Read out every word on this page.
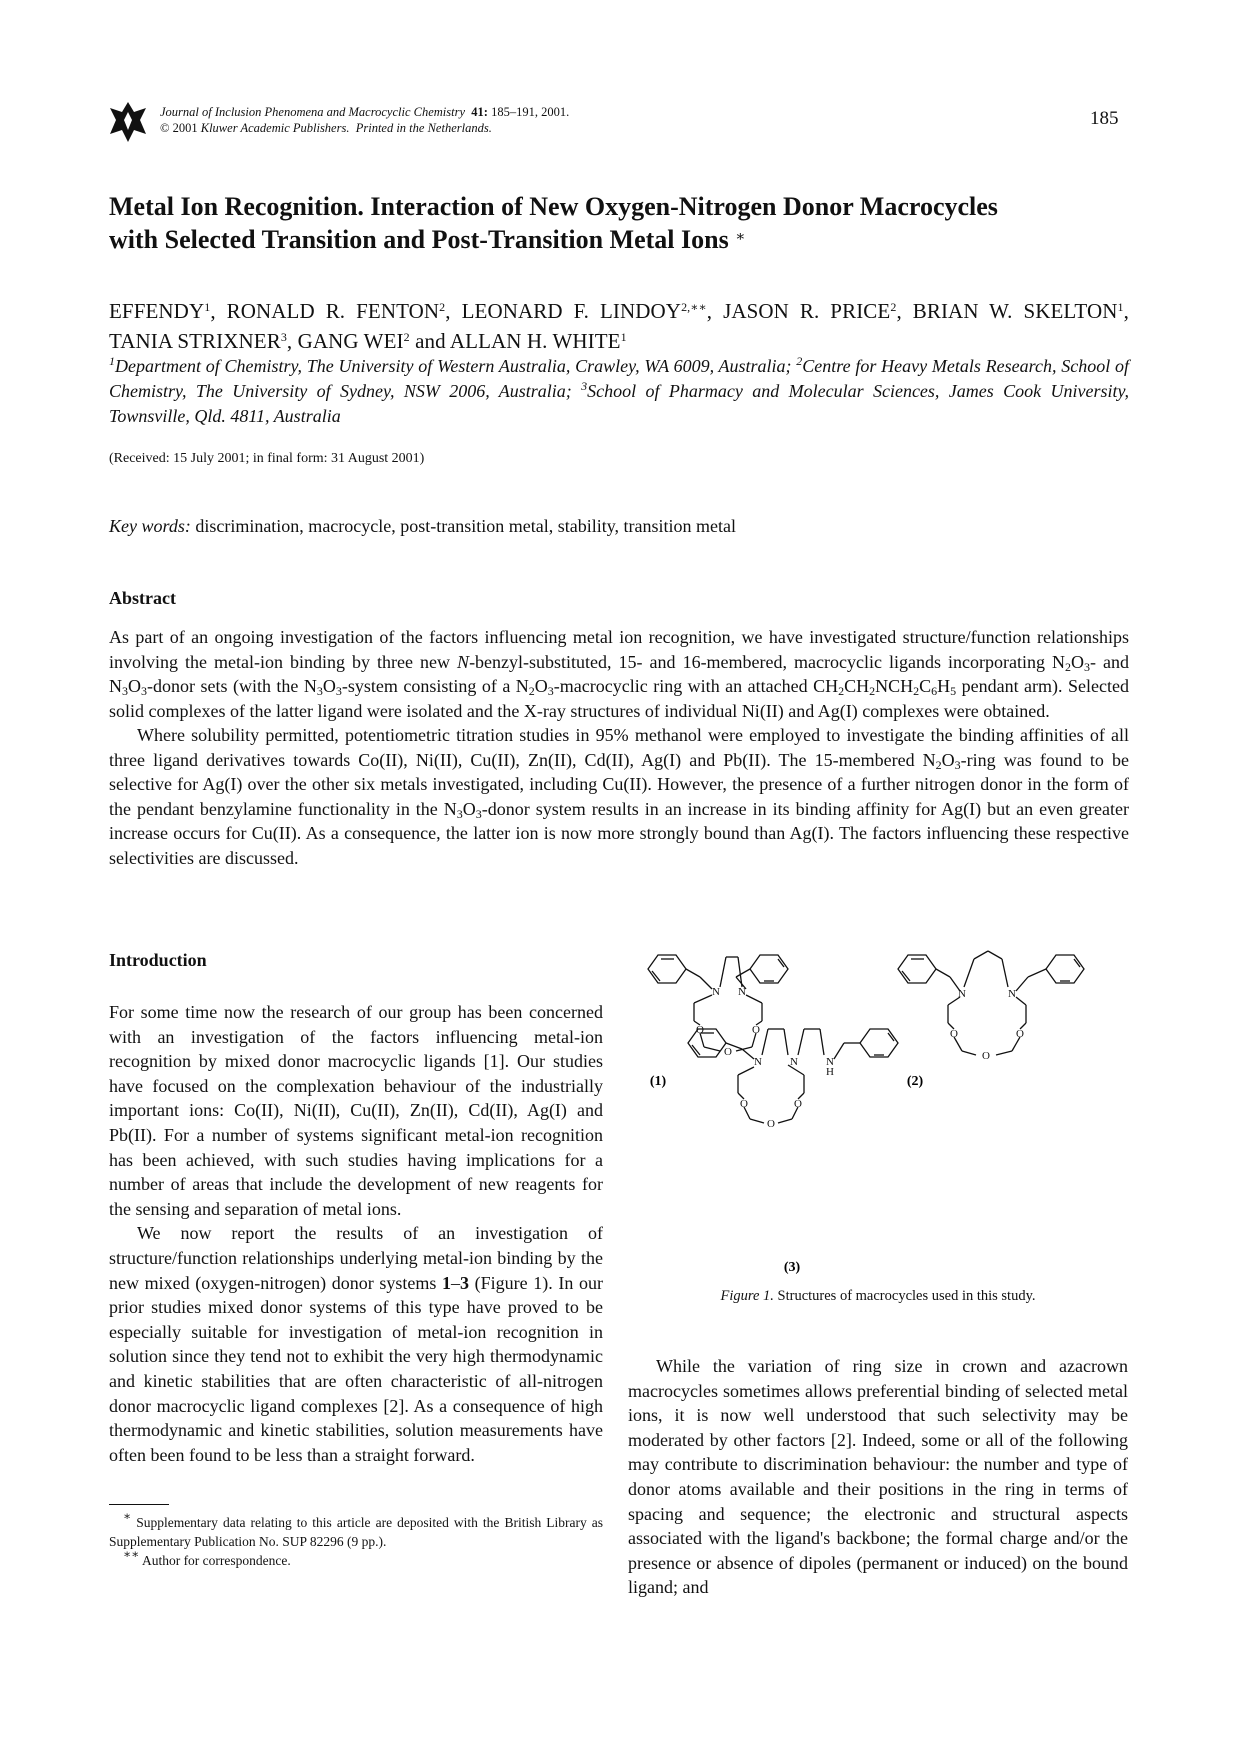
Journal of Inclusion Phenomena and Macrocyclic Chemistry 41: 185–191, 2001.
© 2001 Kluwer Academic Publishers. Printed in the Netherlands.	185
Metal Ion Recognition. Interaction of New Oxygen-Nitrogen Donor Macrocycles
with Selected Transition and Post-Transition Metal Ions ∗
EFFENDY$^1$, RONALD R. FENTON$^2$, LEONARD F. $LINDOY^{2,∗∗}$, JASON R. PRICE$^2$, BRIAN W. SKELTON$^1$, TANIA STRIXNER$^3$, GANG WEI$^2$ and ALLAN H. WHITE$^1$
$^1$Department of Chemistry, The University of Western Australia, Crawley, WA 6009, Australia; $^2$Centre for Heavy Metals Research, School of Chemistry, The University of Sydney, NSW 2006, Australia; $^3$School of Pharmacy and Molecular Sciences, James Cook University, Townsville, Qld. 4811, Australia
(Received: 15 July 2001; in final form: 31 August 2001)
Key words: discrimination, macrocycle, post-transition metal, stability, transition metal
Abstract

As part of an ongoing investigation of the factors influencing metal ion recognition, we have investigated structure/function relationships involving the metal-ion binding by three new N-benzyl-substituted, 15- and 16-membered, macrocyclic ligands incorporating $N_2O_3-$ and $N_3O_3$-donor sets (with the $N_3O_3$-system consisting of a $N_2O_3$-macrocyclic ring with an attached $CH_2CH_2NCH_2C_6H_5$ pendant arm). Selected solid complexes of the latter ligand were isolated and the X-ray structures of individual Ni(II) and Ag(I) complexes were obtained.

Where solubility permitted, potentiometric titration studies in 95% methanol were employed to investigate the binding affinities of all three ligand derivatives towards Co(II), Ni(II), Cu(II), Zn(II), Cd(II), Ag(I) and Pb(II). The 15-membered $N_2O_3$-ring was found to be selective for Ag(I) over the other six metals investigated, including Cu(II). However, the presence of a further nitrogen donor in the form of the pendant benzylamine functionality in the $N_3O_3$-donor system results in an increase in its binding affinity for Ag(I) but an even greater increase occurs for Cu(II). As a consequence, the latter ion is now more strongly bound than Ag(I). The factors influencing these respective selectivities are discussed.

Introduction

For some time now the research of our group has been concerned with an investigation of the factors influencing metal-ion recognition by mixed donor macrocyclic ligands [1]. Our studies have focused on the complexation behaviour of the industrially important ions: Co(II), Ni(II), Cu(II), Zn(II), Cd(II), Ag(I) and Pb(II). For a number of systems significant metal-ion recognition has been achieved, with such studies having implications for a number of areas that include the development of new reagents for the sensing and separation of metal ions.

We now report the results of an investigation of structure/function relationships underlying metal-ion binding by the new mixed (oxygen-nitrogen) donor systems 1–3 (Figure 1). In our prior studies mixed donor systems of this type have proved to be especially suitable for investigation of metal-ion recognition in solution since they tend not to exhibit the very high thermodynamic and kinetic stabilities that are often characteristic of all-nitrogen donor macrocyclic ligand complexes [2]. As a consequence of high thermodynamic and kinetic stabilities, solution measurements have often been found to be less than a straight forward.

∗ Supplementary data relating to this article are deposited with the British Library as Supplementary Publication No. SUP 82296 (9 pp.).

∗∗ Author for correspondence.

N N
O	O
O
N	N
O	O
O
(1)	(2)
N	N	N
H
O	O
O
(3)
Figure 1. Structures of macrocycles used in this study.

While the variation of ring size in crown and azacrown macrocycles sometimes allows preferential binding of selected metal ions, it is now well understood that such selectivity may be moderated by other factors [2]. Indeed, some or all of the following may contribute to discrimination behaviour: the number and type of donor atoms available and their positions in the ring in terms of spacing and sequence; the electronic and structural aspects associated with the ligand's backbone; the formal charge and/or the presence or absence of dipoles (permanent or induced) on the bound ligand; and
